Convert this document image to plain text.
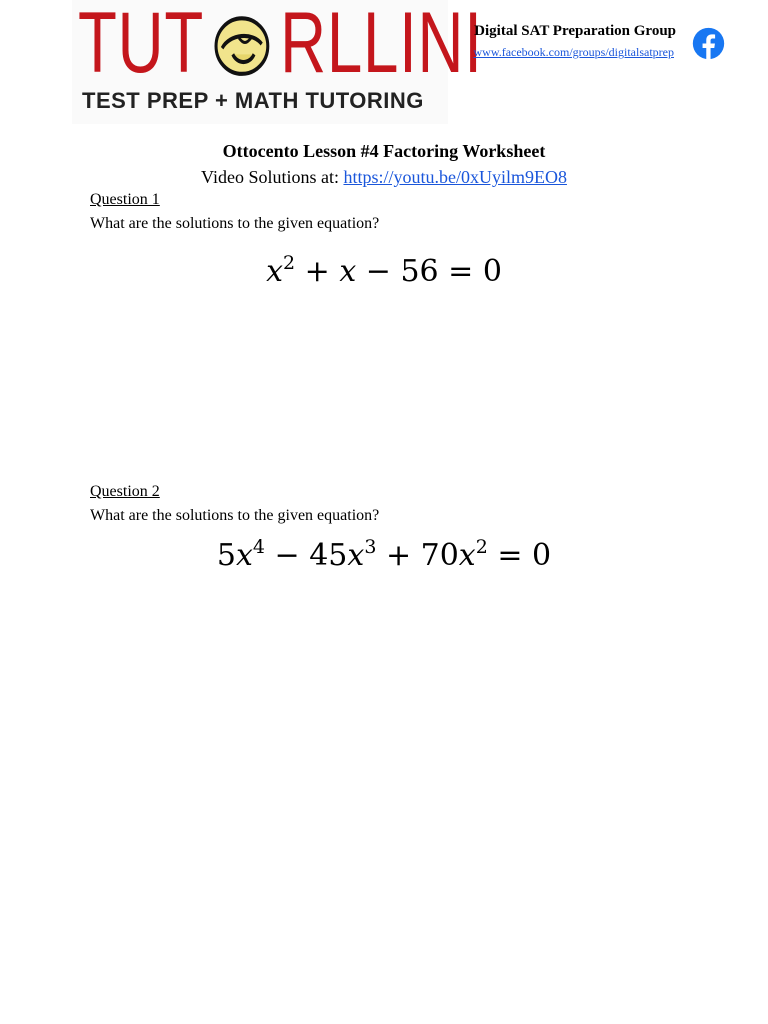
TUT RLLINI
TEST PREP + MATH TUTORING
Digital SAT Preparation Group
www.facebook.com/groups/digitalsatprep
Ottocento Lesson #4 Factoring Worksheet
Video Solutions at: https://youtu.be/0xUyilm9EO8
Question 1
What are the solutions to the given equation?
$x^2 + x - 56 = 0$
Question 2
What are the solutions to the given equation?
$5x^4 - 45x^3 + 70x^2 = 0$
